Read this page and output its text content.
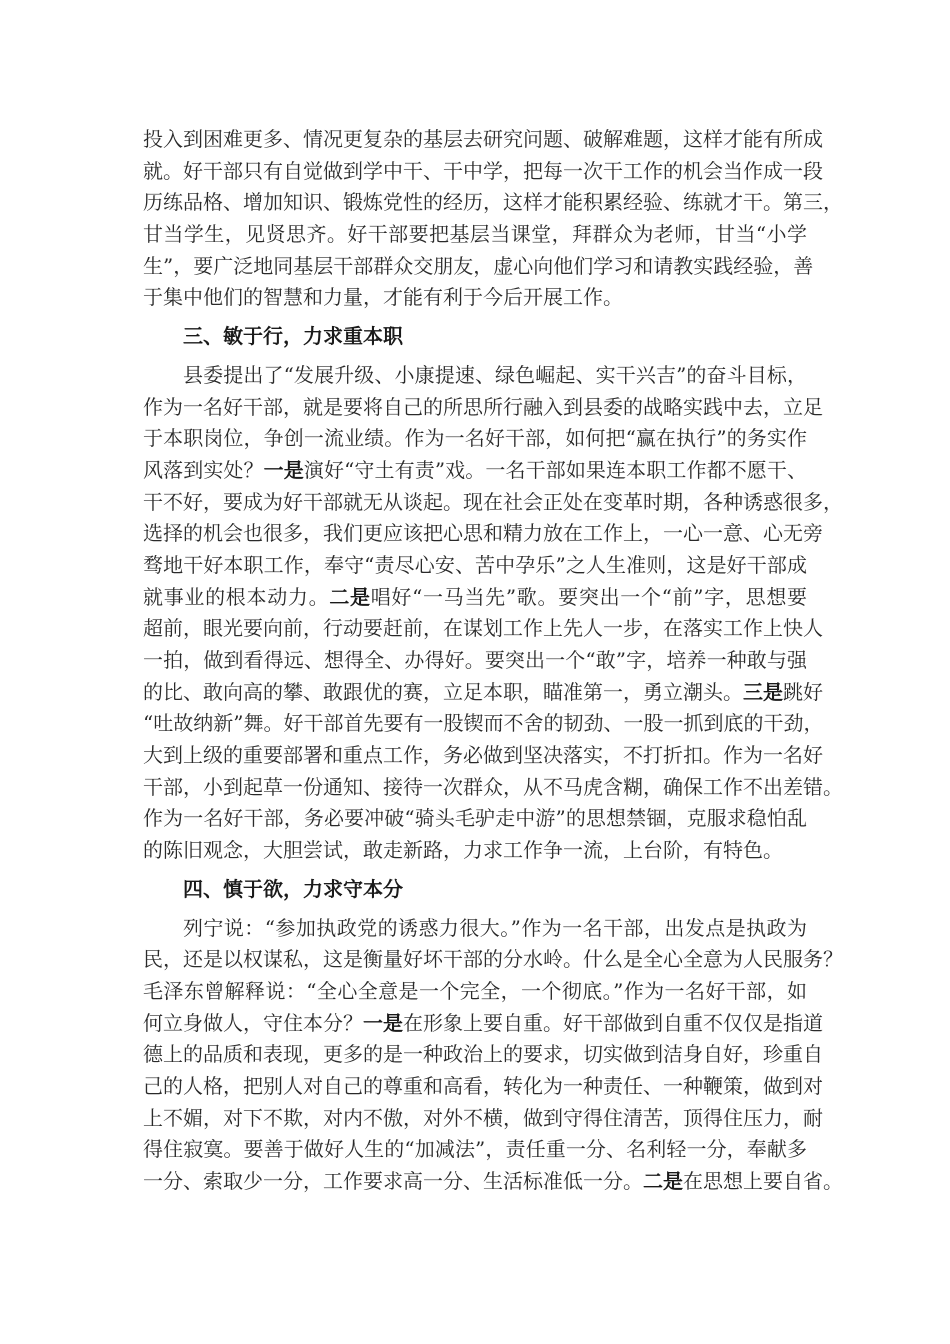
投入到困难更多、情况更复杂的基层去研究问题、破解难题，这样才能有所成
就。好干部只有自觉做到学中干、干中学，把每一次干工作的机会当作成一段
历练品格、增加知识、锻炼党性的经历，这样才能积累经验、练就才干。第三，
甘当学生，见贤思齐。好干部要把基层当课堂，拜群众为老师，甘当“小学
生”，要广泛地同基层干部群众交朋友，虚心向他们学习和请教实践经验，善
于集中他们的智慧和力量，才能有利于今后开展工作。
三、敏于行，力求重本职
县委提出了“发展升级、小康提速、绿色崛起、实干兴吉”的奋斗目标，
作为一名好干部，就是要将自己的所思所行融入到县委的战略实践中去，立足
于本职岗位，争创一流业绩。作为一名好干部，如何把“赢在执行”的务实作
风落到实处？一是演好“守土有责”戏。一名干部如果连本职工作都不愿干、
干不好，要成为好干部就无从谈起。现在社会正处在变革时期，各种诱惑很多，
选择的机会也很多，我们更应该把心思和精力放在工作上，一心一意、心无旁
骛地干好本职工作，奉守“责尽心安、苦中孕乐”之人生准则，这是好干部成
就事业的根本动力。二是唱好“一马当先”歌。要突出一个“前”字，思想要
超前，眼光要向前，行动要赶前，在谋划工作上先人一步，在落实工作上快人
一拍，做到看得远、想得全、办得好。要突出一个“敢”字，培养一种敢与强
的比、敢向高的攀、敢跟优的赛，立足本职，瞄准第一，勇立潮头。三是跳好
“吐故纳新”舞。好干部首先要有一股锲而不舍的韧劲、一股一抓到底的干劲，
大到上级的重要部署和重点工作，务必做到坚决落实，不打折扣。作为一名好
干部，小到起草一份通知、接待一次群众，从不马虎含糊，确保工作不出差错。
作为一名好干部，务必要冲破“骑头毛驴走中游”的思想禁锢，克服求稳怕乱
的陈旧观念，大胆尝试，敢走新路，力求工作争一流，上台阶，有特色。
四、慎于欲，力求守本分
列宁说：“参加执政党的诱惑力很大。”作为一名干部，出发点是执政为
民，还是以权谋私，这是衡量好坏干部的分水岭。什么是全心全意为人民服务？
毛泽东曾解释说：“全心全意是一个完全，一个彻底。”作为一名好干部，如
何立身做人，守住本分？一是在形象上要自重。好干部做到自重不仅仅是指道
德上的品质和表现，更多的是一种政治上的要求，切实做到洁身自好，珍重自
己的人格，把别人对自己的尊重和高看，转化为一种责任、一种鞭策，做到对
上不媚，对下不欺，对内不傲，对外不横，做到守得住清苦，顶得住压力，耐
得住寂寞。要善于做好人生的“加减法”，责任重一分、名利轻一分，奉献多
一分、索取少一分，工作要求高一分、生活标准低一分。二是在思想上要自省。
